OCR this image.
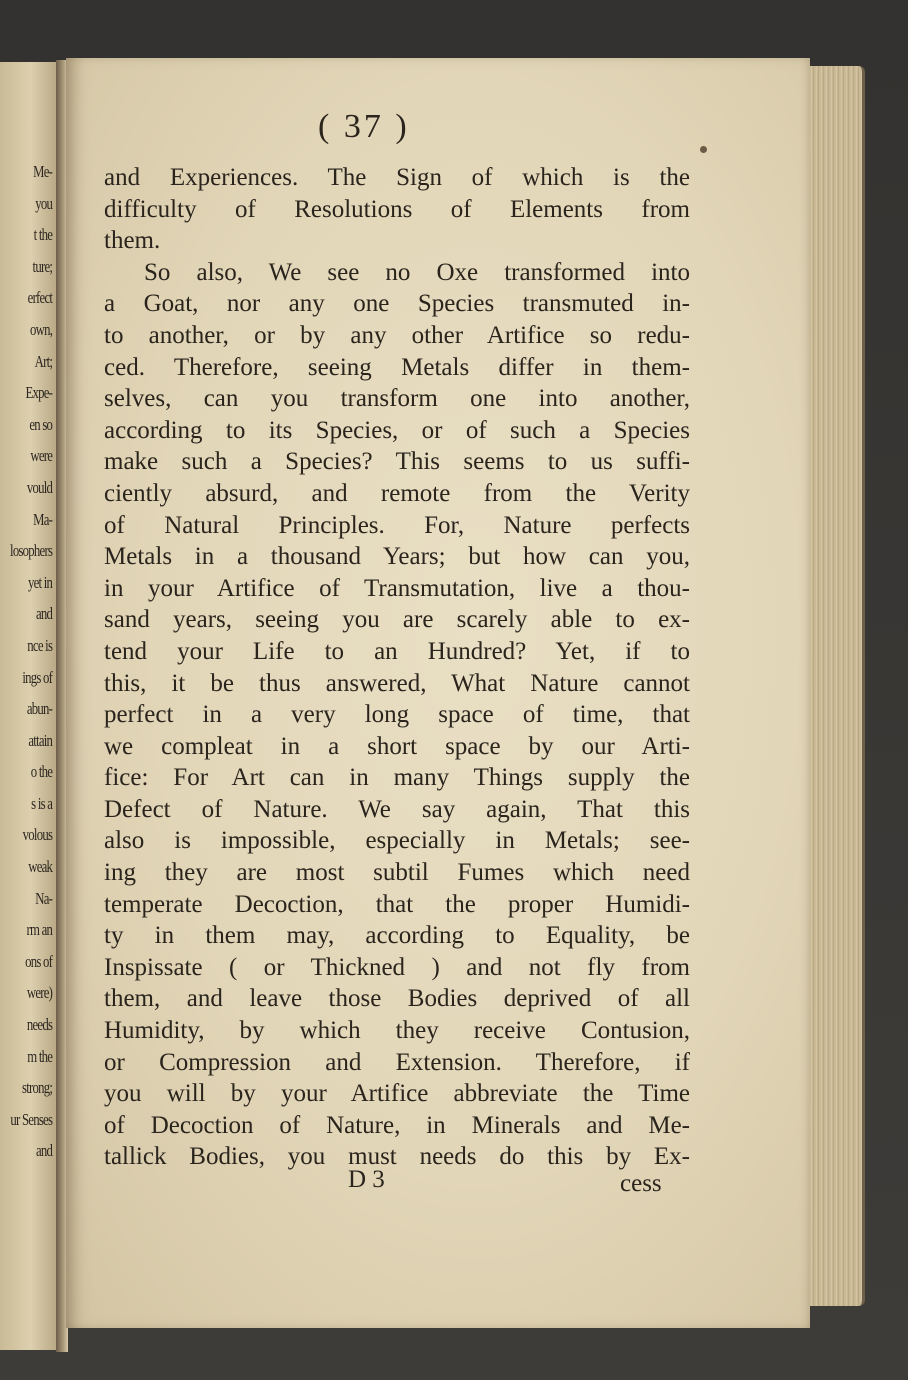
Me-
you
t the
ture;
erfect
own,
Art;
Expe-
en so
were
vould
Ma-
losophers
yet in
and
nce is
ings of
abun-
attain
o the
s is a
volous
weak
Na-
rm an
ons of
were)
needs
m the
strong;
ur Senses
and
( 37 )
and Experiences. The Sign of which is the
difficulty of Resolutions of Elements from
them.
So also, We see no Oxe transformed into
a Goat, nor any one Species transmuted in-
to another, or by any other Artifice so redu-
ced. Therefore, seeing Metals differ in them-
selves, can you transform one into another,
according to its Species, or of such a Species
make such a Species? This seems to us suffi-
ciently absurd, and remote from the Verity
of Natural Principles. For, Nature perfects
Metals in a thousand Years; but how can you,
in your Artifice of Transmutation, live a thou-
sand years, seeing you are scarely able to ex-
tend your Life to an Hundred? Yet, if to
this, it be thus answered, What Nature cannot
perfect in a very long space of time, that
we compleat in a short space by our Arti-
fice: For Art can in many Things supply the
Defect of Nature. We say again, That this
also is impossible, especially in Metals; see-
ing they are most subtil Fumes which need
temperate Decoction, that the proper Humidi-
ty in them may, according to Equality, be
Inspissate ( or Thickned ) and not fly from
them, and leave those Bodies deprived of all
Humidity, by which they receive Contusion,
or Compression and Extension. Therefore, if
you will by your Artifice abbreviate the Time
of Decoction of Nature, in Minerals and Me-
tallick Bodies, you must needs do this by Ex-
D 3	cess
